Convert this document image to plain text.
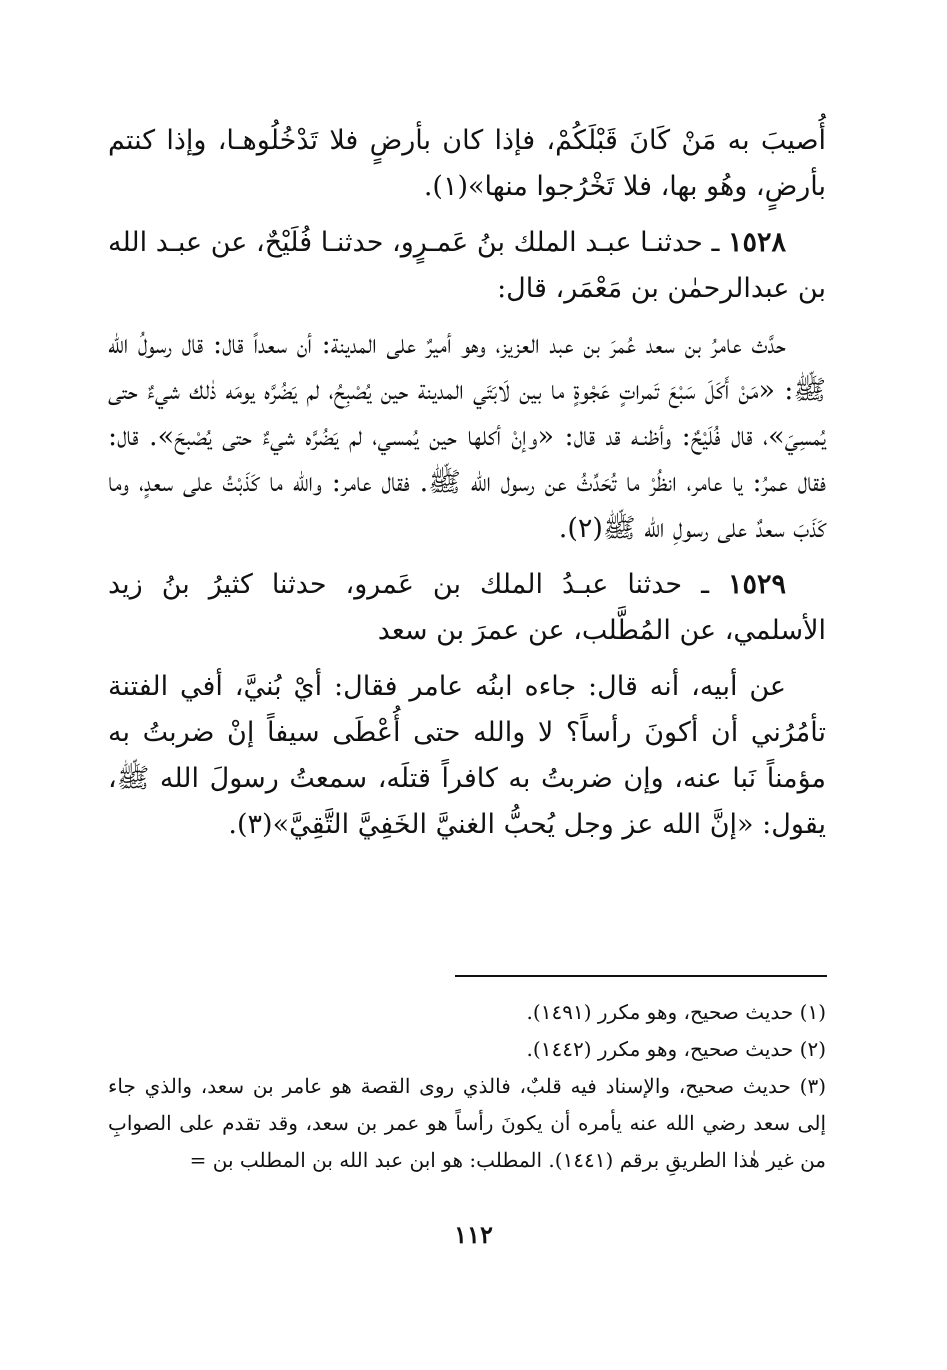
أُصيبَ به مَنْ كَانَ قَبْلَكُمْ، فإذا كان بأرضٍ فلا تَدْخُلُوهـا، وإذا كنتم بأرضٍ، وهُو بها، فلا تَخْرُجوا منها»(١).

١٥٢٨ ـ حدثنـا عبـد الملك بنُ عَمـرٍو، حدثنـا فُلَيْحٌ، عن عبـد الله بن عبدالرحمٰن بن مَعْمَر، قال:

حدَّث عامرُ بن سعد عُمرَ بن عبد العزيز، وهو أميرٌ على المدينة: أن سعداً قال: قال رسولُ الله ﷺ: «مَنْ أَكَلَ سَبْعَ تَمراتٍ عَجْوةٍ ما بين لَابَتَي المدينة حين يُصْبِحُ، لم يَضُرَّه يومَه ذٰلك شيءٌ حتى يُمسِيَ»، قال فُلَيْحٌ: وأظنـه قد قال: «وإنْ أكلها حين يُمسي، لم يَضُرَّه شيءٌ حتى يُصْبحَ». قال: فقال عمرُ: يا عامر، انظُرْ ما تُحَدِّثُ عن رسول الله ﷺ. فقال عامر: والله ما كَذَبْتُ على سعدٍ، وما كَذَبَ سعدٌ على رسولِ الله ﷺ(٢).

١٥٢٩ ـ حدثنا عبـدُ الملك بن عَمرو، حدثنا كثيرُ بنُ زيد الأسلمي، عن المُطَّلب، عن عمرَ بن سعد

عن أبيه، أنه قال: جاءه ابنُه عامر فقال: أيْ بُنيَّ، أفي الفتنة تأمُرُني أن أكونَ رأساً؟ لا والله حتى أُعْطَى سيفاً إنْ ضربتُ به مؤمناً نَبا عنه، وإن ضربتُ به كافراً قتلَه، سمعتُ رسولَ الله ﷺ، يقول: «إنَّ الله عز وجل يُحبُّ الغنيَّ الخَفِيَّ التَّقِيَّ»(٣).

(١) حديث صحيح، وهو مكرر (١٤٩١).

(٢) حديث صحيح، وهو مكرر (١٤٤٢).

(٣) حديث صحيح، والإسناد فيه قلبٌ، فالذي روى القصة هو عامر بن سعد، والذي جاء إلى سعد رضي الله عنه يأمره أن يكونَ رأساً هو عمر بن سعد، وقد تقدم على الصوابِ من غير هٰذا الطريقِ برقم (١٤٤١). المطلب: هو ابن عبد الله بن المطلب بن =

١١٢
